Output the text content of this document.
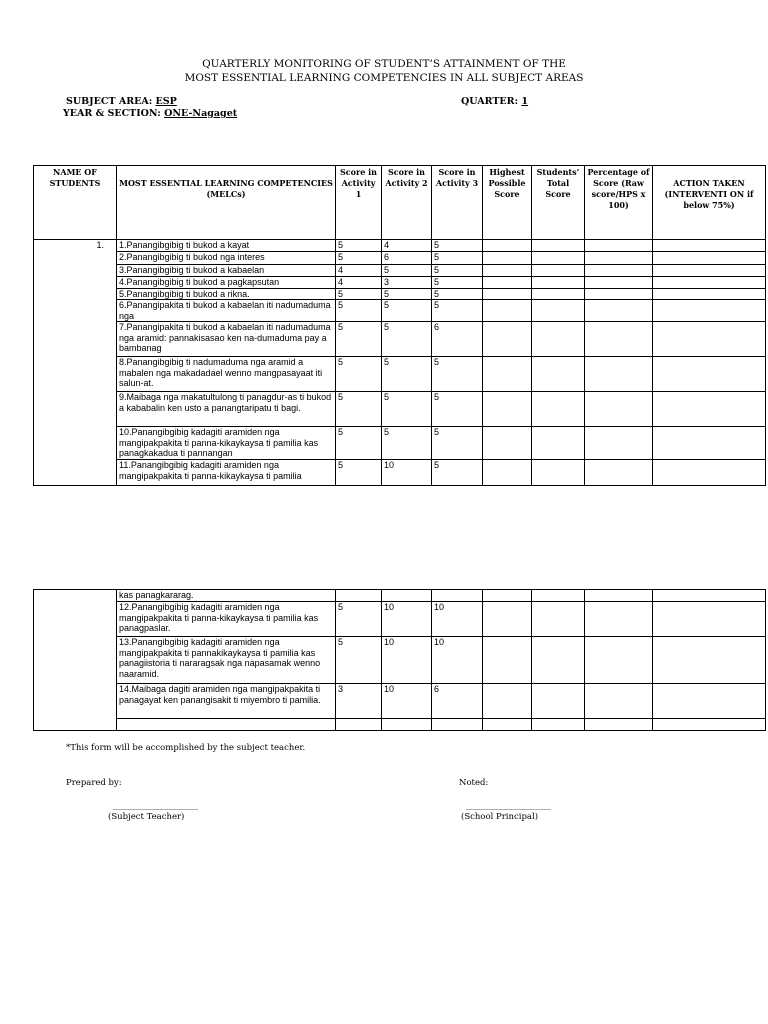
QUARTERLY MONITORING OF STUDENT’S ATTAINMENT OF THE
MOST ESSENTIAL LEARNING COMPETENCIES IN ALL SUBJECT AREAS
SUBJECT AREA: ESP	QUARTER: 1
YEAR & SECTION: ONE-Nagaget
NAME OF STUDENTS	MOST ESSENTIAL LEARNING COMPETENCIES (MELCs)	Score in Activity 1	Score in Activity 2	Score in Activity 3	Highest Possible Score	Students’ Total Score	Percentage of Score (Raw score/HPS x 100)	ACTION TAKEN (INTERVENTI ON if below 75%)
1.	1.Panangibgibig ti bukod a kayat	5	4	5				
	2.Panangibgibig ti bukod nga interes	5	6	5				
	3.Panangibgibig ti bukod a kabaelan	4	5	5				
	4.Panangibgibig ti bukod a pagkapsutan	4	3	5				
	5.Panangibgibig ti bukod a rikna.	5	5	5				
	6.Panangipakita ti bukod a kabaelan iti nadumaduma nga	5	5	5				
	7.Panangipakita ti bukod a kabaelan iti nadumaduma nga aramid: pannakisasao ken na-dumaduma pay a bambanag	5	5	6				
	8.Panangibgibig ti nadumaduma nga aramid a mabalen nga makadadael wenno mangpasayaat iti salun-at.	5	5	5				
	9.Maibaga nga makatultulong ti panagdur-as ti bukod a kababalin ken usto a panangtaripatu ti bagi.	5	5	5				
	10.Panangibgibig kadagiti aramiden nga mangipakpakita ti panna-kikaykaysa ti pamilia kas panagkakadua ti pannangan	5	5	5				
	11.Panangibgibig kadagiti aramiden nga mangipakpakita ti panna-kikaykaysa ti pamilia	5	10	5				
	kas panagkararag.							
	12.Panangibgibig kadagiti aramiden nga mangipakpakita ti panna-kikaykaysa ti pamilia kas panagpaslar.	5	10	10				
	13.Panangibgibig kadagiti aramiden nga mangipakpakita ti pannakikaykaysa ti pamilia kas panagiistoria ti nararagsak nga napasamak wenno naaramid.	5	10	10				
	14.Maibaga dagiti aramiden nga mangipakpakita ti panagayat ken panangisakit ti miyembro ti pamilia.	3	10	6				

*This form will be accomplished by the subject teacher.
Prepared by:	Noted:
____________________
(Subject Teacher)
____________________
(School Principal)
